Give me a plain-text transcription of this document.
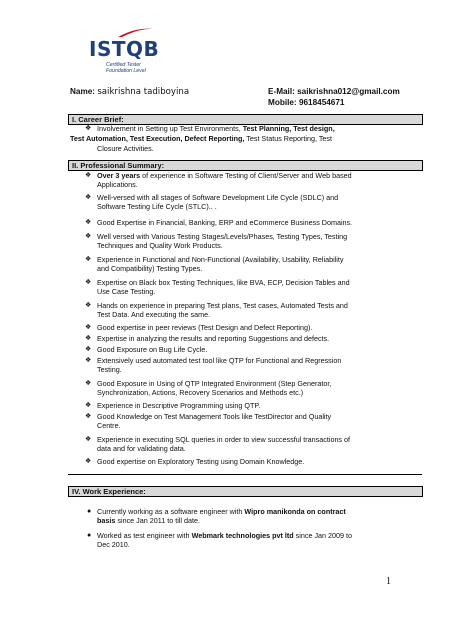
ISTQB
Certified Tester
Foundation Level
Name: saikrishna tadiboyina	E-Mail: saikrishna012@gmail.com
Mobile: 9618454671
I. Career Brief:
❖ Involvement in Setting up Test Environments, Test Planning, Test design,
Test Automation, Test Execution, Defect Reporting, Test Status Reporting, Test
Closure Activities.
II. Professional Summary:
❖ Over 3 years of experience in Software Testing of Client/Server and Web based
Applications.
❖ Well-versed with all stages of Software Development Life Cycle (SDLC) and
Software Testing Life Cycle (STLC).. .
❖ Good Expertise in Financial, Banking, ERP and eCommerce Business Domains.
❖ Well versed with Various Testing Stages/Levels/Phases, Testing Types, Testing
Techniques and Quality Work Products.
❖ Experience in Functional and Non-Functional (Availability, Usability, Reliability
and Compatibility) Testing Types.
❖ Expertise on Black box Testing Techniques, like BVA, ECP, Decision Tables and
Use Case Testing.
❖ Hands on experience in preparing Test plans, Test cases, Automated Tests and
Test Data. And executing the same.
❖ Good expertise in peer reviews (Test Design and Defect Reporting).
❖ Expertise in analyzing the results and reporting Suggestions and defects.
❖ Good Exposure on Bug Life Cycle.
❖ Extensively used automated test tool like QTP for Functional and Regression
Testing.
❖ Good Exposure in Using of QTP Integrated Environment (Step Generator,
Synchronization, Actions, Recovery Scenarios and Methods etc.)
❖ Experience in Descriptive Programming using QTP.
❖ Good Knowledge on Test Management Tools like TestDirector and Quality
Centre.
❖ Experience in executing SQL queries in order to view successful transactions of
data and for validating data.
❖ Good expertise on Exploratory Testing using Domain Knowledge.
IV. Work Experience:
● Currently working as a software engineer with Wipro manikonda on contract
basis since Jan 2011 to till date.
● Worked as test engineer with Webmark technologies pvt ltd since Jan 2009 to
Dec 2010.
1
